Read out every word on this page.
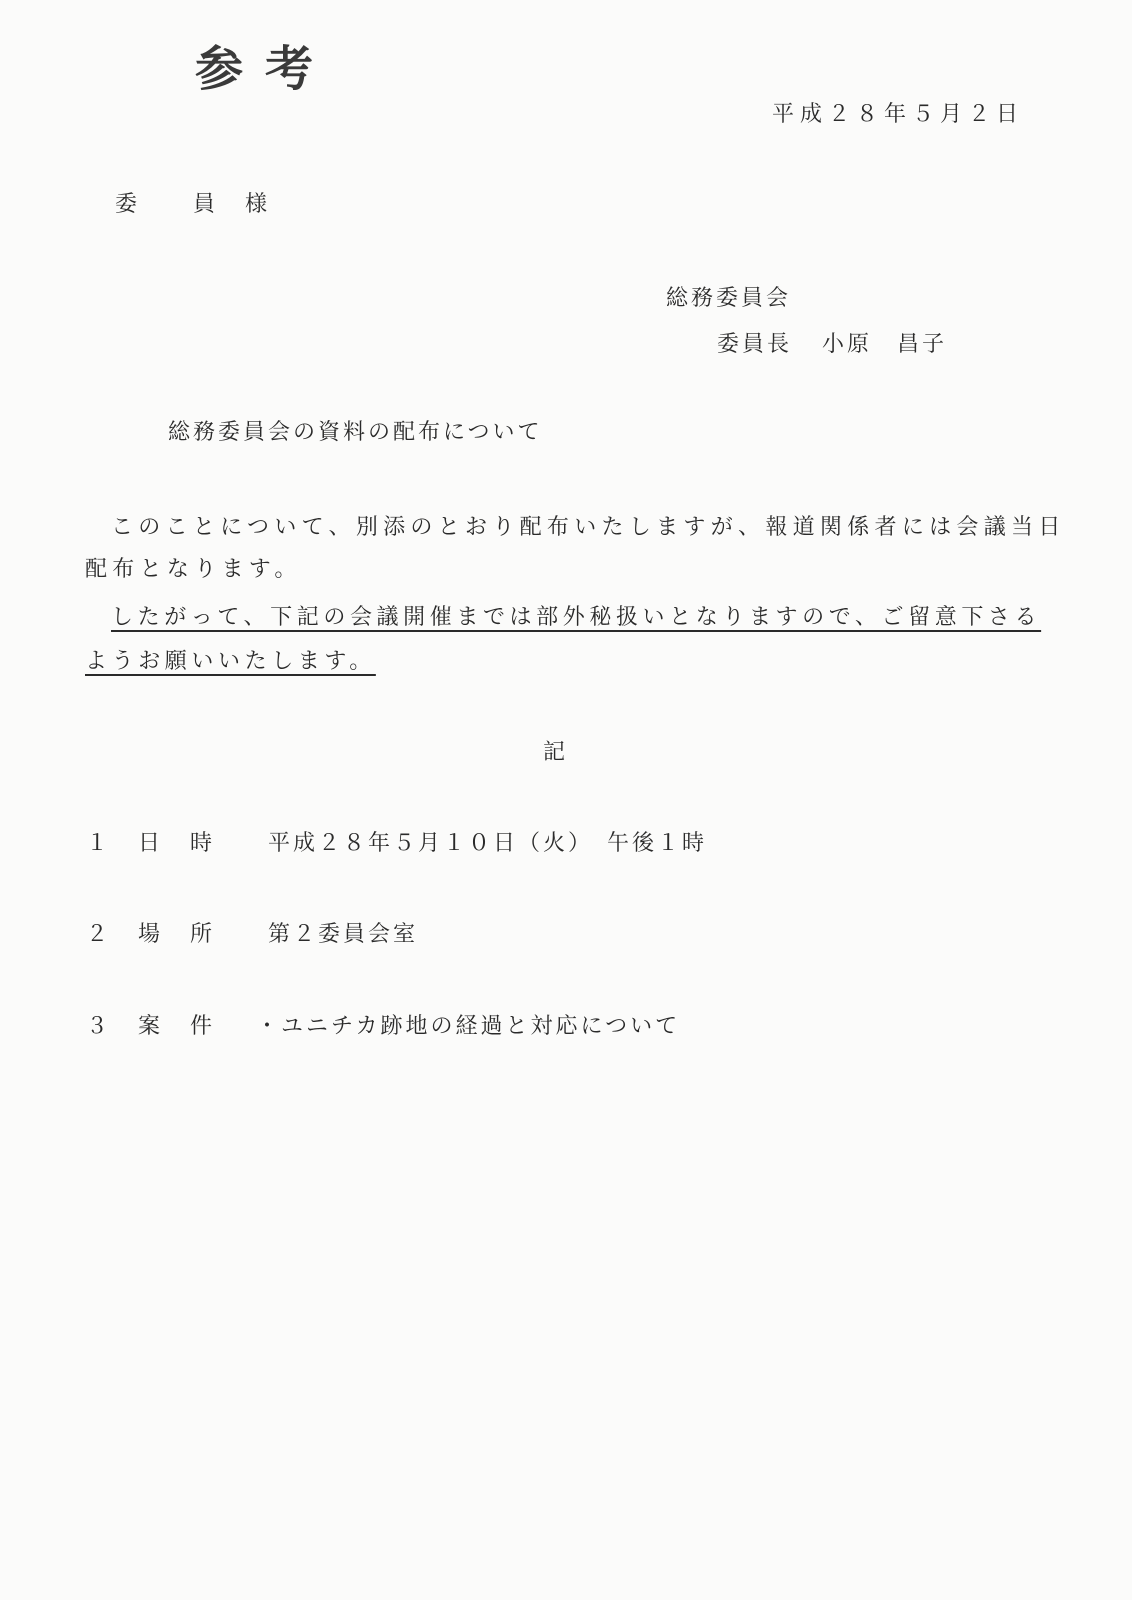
参考
平成２８年５月２日
委	員 様
総務委員会
委員長 小原　昌子
総務委員会の資料の配布について
このことについて、別添のとおり配布いたしますが、報道関係者には会議当日
配布となります。
したがって、下記の会議開催までは部外秘扱いとなりますので、ご留意下さる
ようお願いいたします。
記
１ 日時 平成２８年５月１０日（火）　午後１時
２ 場所 第２委員会室
３ 案件 ・ユニチカ跡地の経過と対応について
